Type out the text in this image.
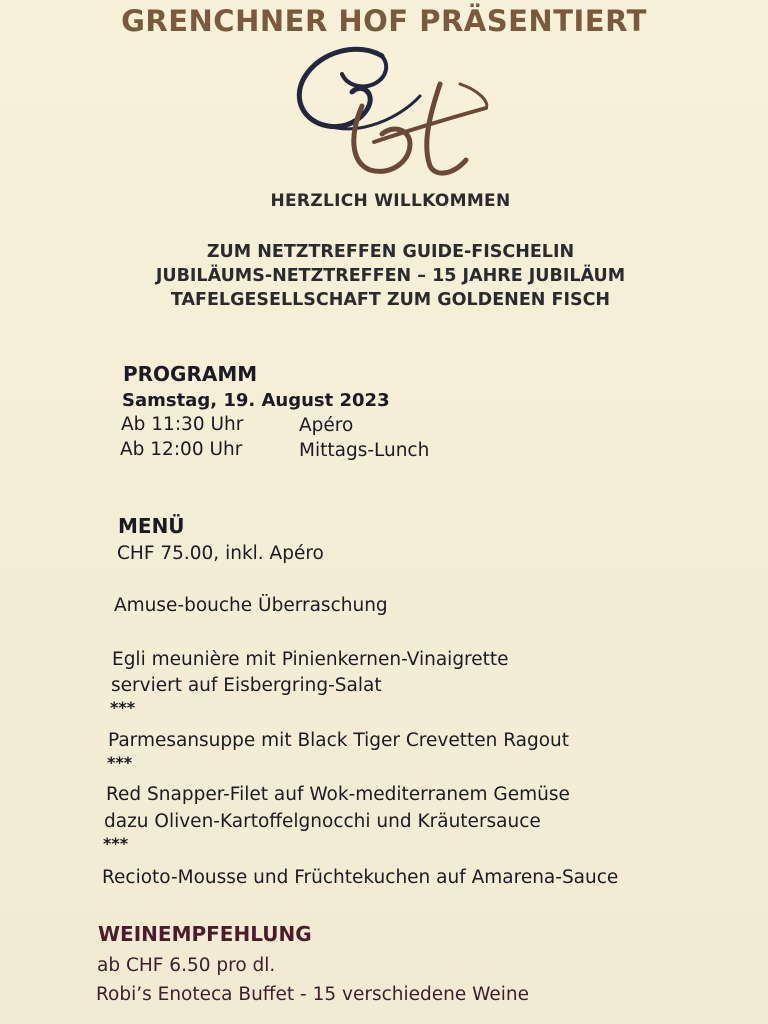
GRENCHNER HOF PRÄSENTIERT
HERZLICH WILLKOMMEN
ZUM NETZTREFFEN GUIDE-FISCHELIN
JUBILÄUMS-NETZTREFFEN – 15 JAHRE JUBILÄUM
TAFELGESELLSCHAFT ZUM GOLDENEN FISCH
PROGRAMM
Samstag, 19. August 2023
Ab 11:30 Uhr	Apéro
Ab 12:00 Uhr	Mittags-Lunch
MENÜ
CHF 75.00, inkl. Apéro
Amuse-bouche Überraschung
Egli meunière mit Pinienkernen-Vinaigrette
serviert auf Eisbergring-Salat
***
Parmesansuppe mit Black Tiger Crevetten Ragout
***
Red Snapper-Filet auf Wok-mediterranem Gemüse
dazu Oliven-Kartoffelgnocchi und Kräutersauce
***
Recioto-Mousse und Früchtekuchen auf Amarena-Sauce
WEINEMPFEHLUNG
ab CHF 6.50 pro dl.
Robi’s Enoteca Buffet - 15 verschiedene Weine
